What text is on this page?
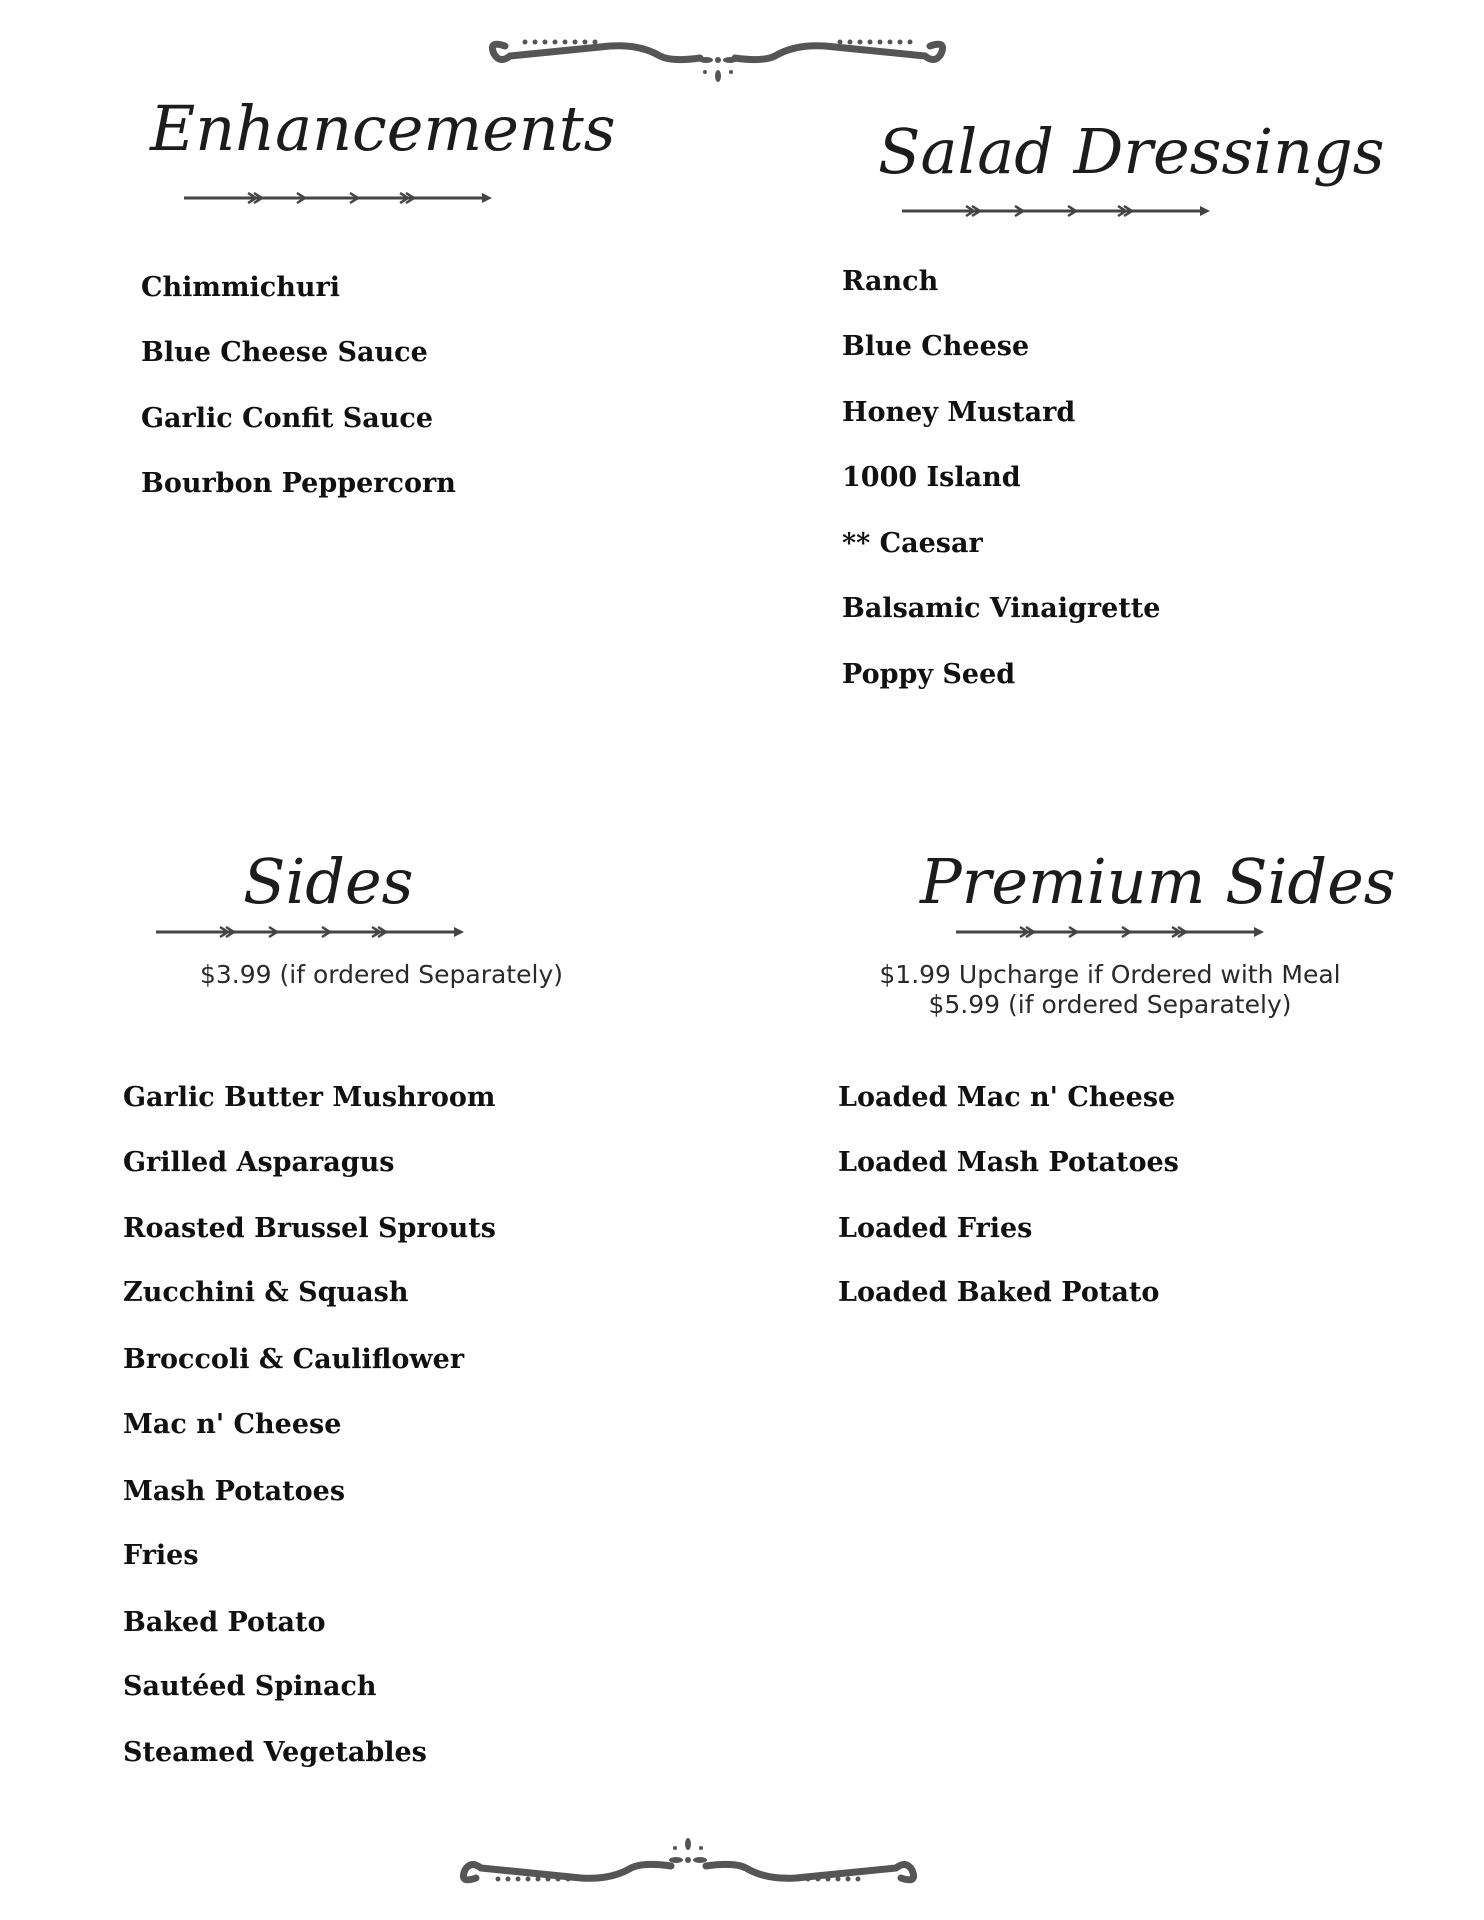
Enhancements
Chimmichuri
Blue Cheese Sauce
Garlic Confit Sauce
Bourbon Peppercorn
Salad Dressings
Ranch
Blue Cheese
Honey Mustard
1000 Island
** Caesar
Balsamic Vinaigrette
Poppy Seed
Sides
$3.99 (if ordered Separately)
Garlic Butter Mushroom
Grilled Asparagus
Roasted Brussel Sprouts
Zucchini & Squash
Broccoli & Cauliflower
Mac n' Cheese
Mash Potatoes
Fries
Baked Potato
Sautéed Spinach
Steamed Vegetables
Premium Sides
$1.99 Upcharge if Ordered with Meal
$5.99 (if ordered Separately)
Loaded Mac n' Cheese
Loaded Mash Potatoes
Loaded Fries
Loaded Baked Potato
